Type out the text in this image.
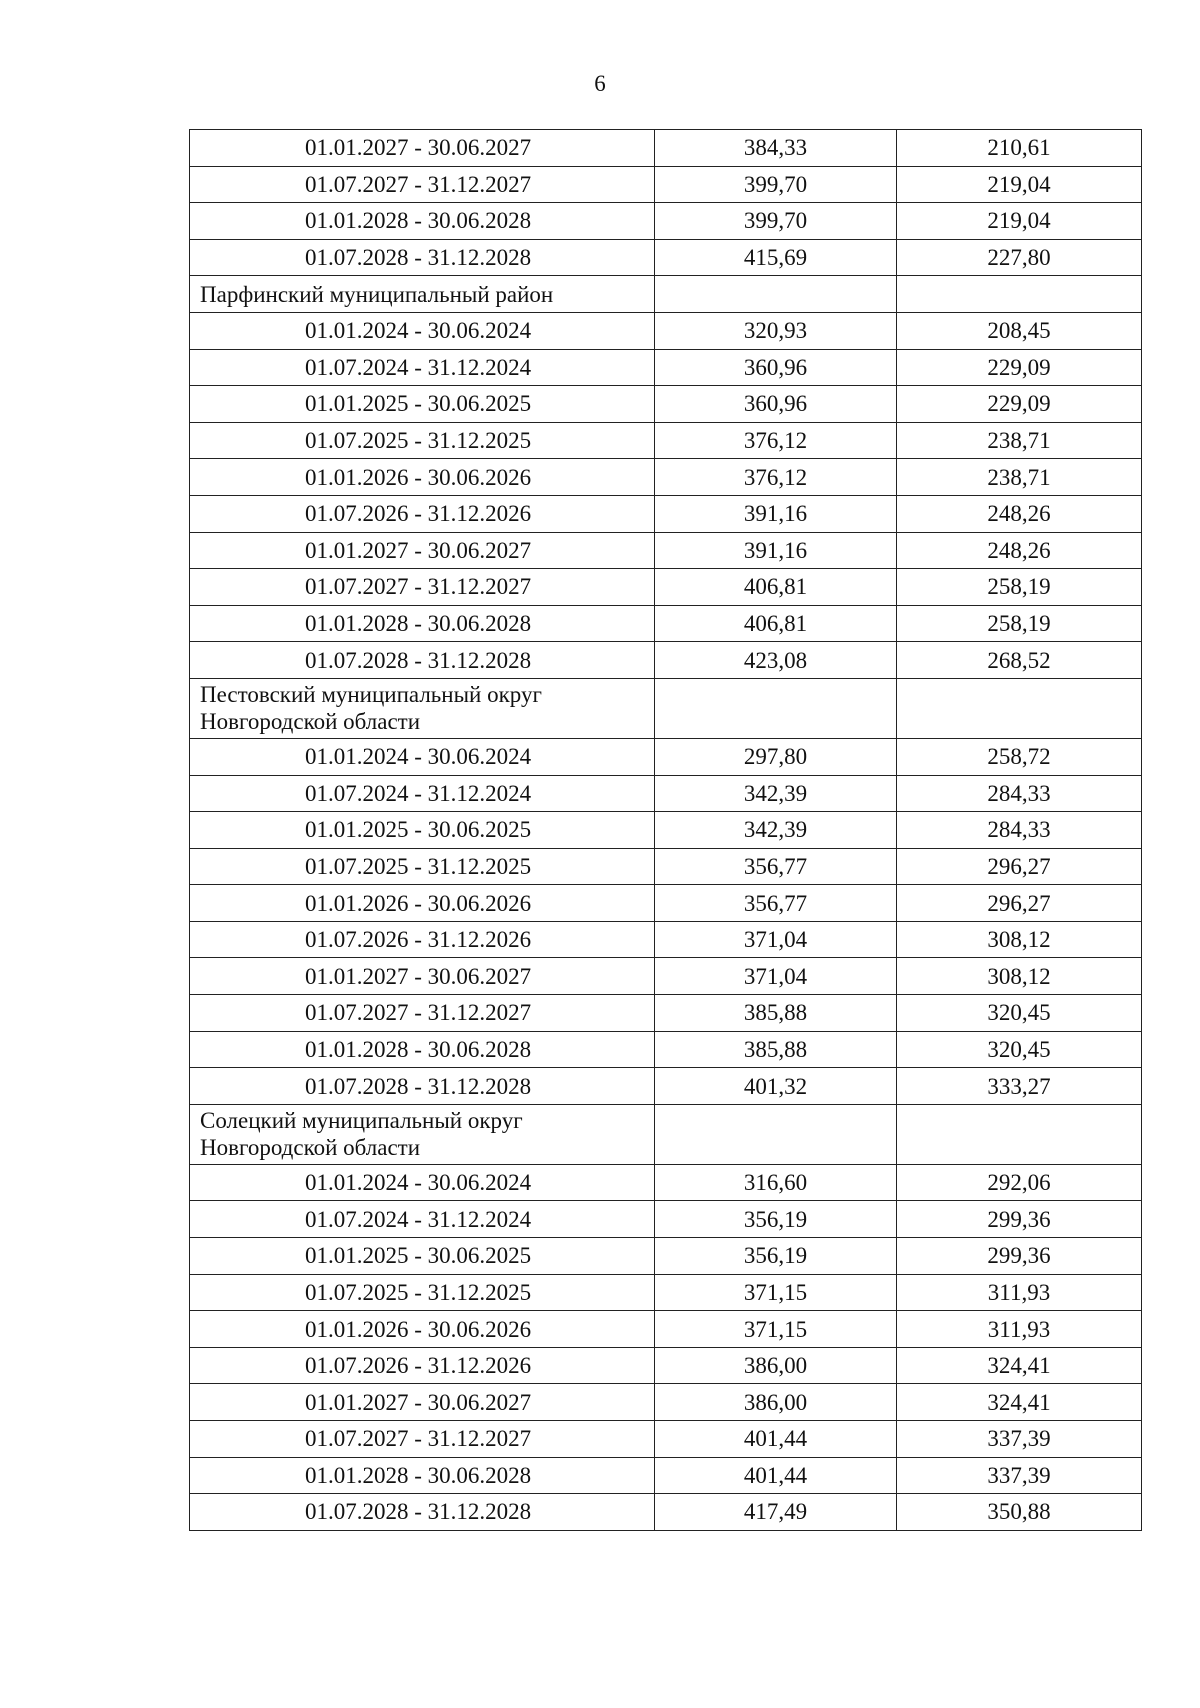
6
01.01.2027 - 30.06.2027	384,33	210,61
01.07.2027 - 31.12.2027	399,70	219,04
01.01.2028 - 30.06.2028	399,70	219,04
01.07.2028 - 31.12.2028	415,69	227,80

Парфинский муниципальный район		

01.01.2024 - 30.06.2024	320,93	208,45
01.07.2024 - 31.12.2024	360,96	229,09
01.01.2025 - 30.06.2025	360,96	229,09
01.07.2025 - 31.12.2025	376,12	238,71
01.01.2026 - 30.06.2026	376,12	238,71
01.07.2026 - 31.12.2026	391,16	248,26
01.01.2027 - 30.06.2027	391,16	248,26
01.07.2027 - 31.12.2027	406,81	258,19
01.01.2028 - 30.06.2028	406,81	258,19
01.07.2028 - 31.12.2028	423,08	268,52

Пестовский муниципальный округ
Новгородской области		

01.01.2024 - 30.06.2024	297,80	258,72
01.07.2024 - 31.12.2024	342,39	284,33
01.01.2025 - 30.06.2025	342,39	284,33
01.07.2025 - 31.12.2025	356,77	296,27
01.01.2026 - 30.06.2026	356,77	296,27
01.07.2026 - 31.12.2026	371,04	308,12
01.01.2027 - 30.06.2027	371,04	308,12
01.07.2027 - 31.12.2027	385,88	320,45
01.01.2028 - 30.06.2028	385,88	320,45
01.07.2028 - 31.12.2028	401,32	333,27

Солецкий муниципальный округ
Новгородской области		

01.01.2024 - 30.06.2024	316,60	292,06
01.07.2024 - 31.12.2024	356,19	299,36
01.01.2025 - 30.06.2025	356,19	299,36
01.07.2025 - 31.12.2025	371,15	311,93
01.01.2026 - 30.06.2026	371,15	311,93
01.07.2026 - 31.12.2026	386,00	324,41
01.01.2027 - 30.06.2027	386,00	324,41
01.07.2027 - 31.12.2027	401,44	337,39
01.01.2028 - 30.06.2028	401,44	337,39
01.07.2028 - 31.12.2028	417,49	350,88
